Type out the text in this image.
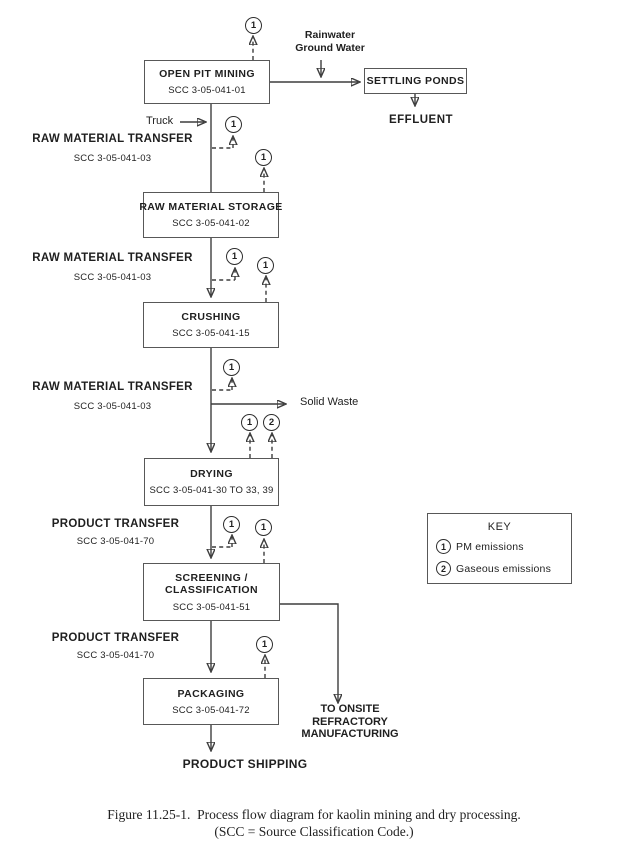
OPEN PIT MINING
SCC 3-05-041-01
SETTLING PONDS
RAW MATERIAL STORAGE
SCC 3-05-041-02
CRUSHING
SCC 3-05-041-15
DRYING
SCC 3-05-041-30 TO 33, 39
SCREENING /
CLASSIFICATION
SCC 3-05-041-51
PACKAGING
SCC 3-05-041-72
RAW MATERIAL TRANSFER
SCC 3-05-041-03
RAW MATERIAL TRANSFER
SCC 3-05-041-03
RAW MATERIAL TRANSFER
SCC 3-05-041-03
PRODUCT TRANSFER
SCC 3-05-041-70
PRODUCT TRANSFER
SCC 3-05-041-70
Truck
Rainwater
Ground Water
EFFLUENT
Solid Waste
PRODUCT SHIPPING
TO ONSITE
REFRACTORY
MANUFACTURING
1
1
1
1
1
1
1	2
1	1
1
KEY
1 PM emissions
2 Gaseous emissions
Figure 11.25-1.  Process flow diagram for kaolin mining and dry processing.
(SCC = Source Classification Code.)
